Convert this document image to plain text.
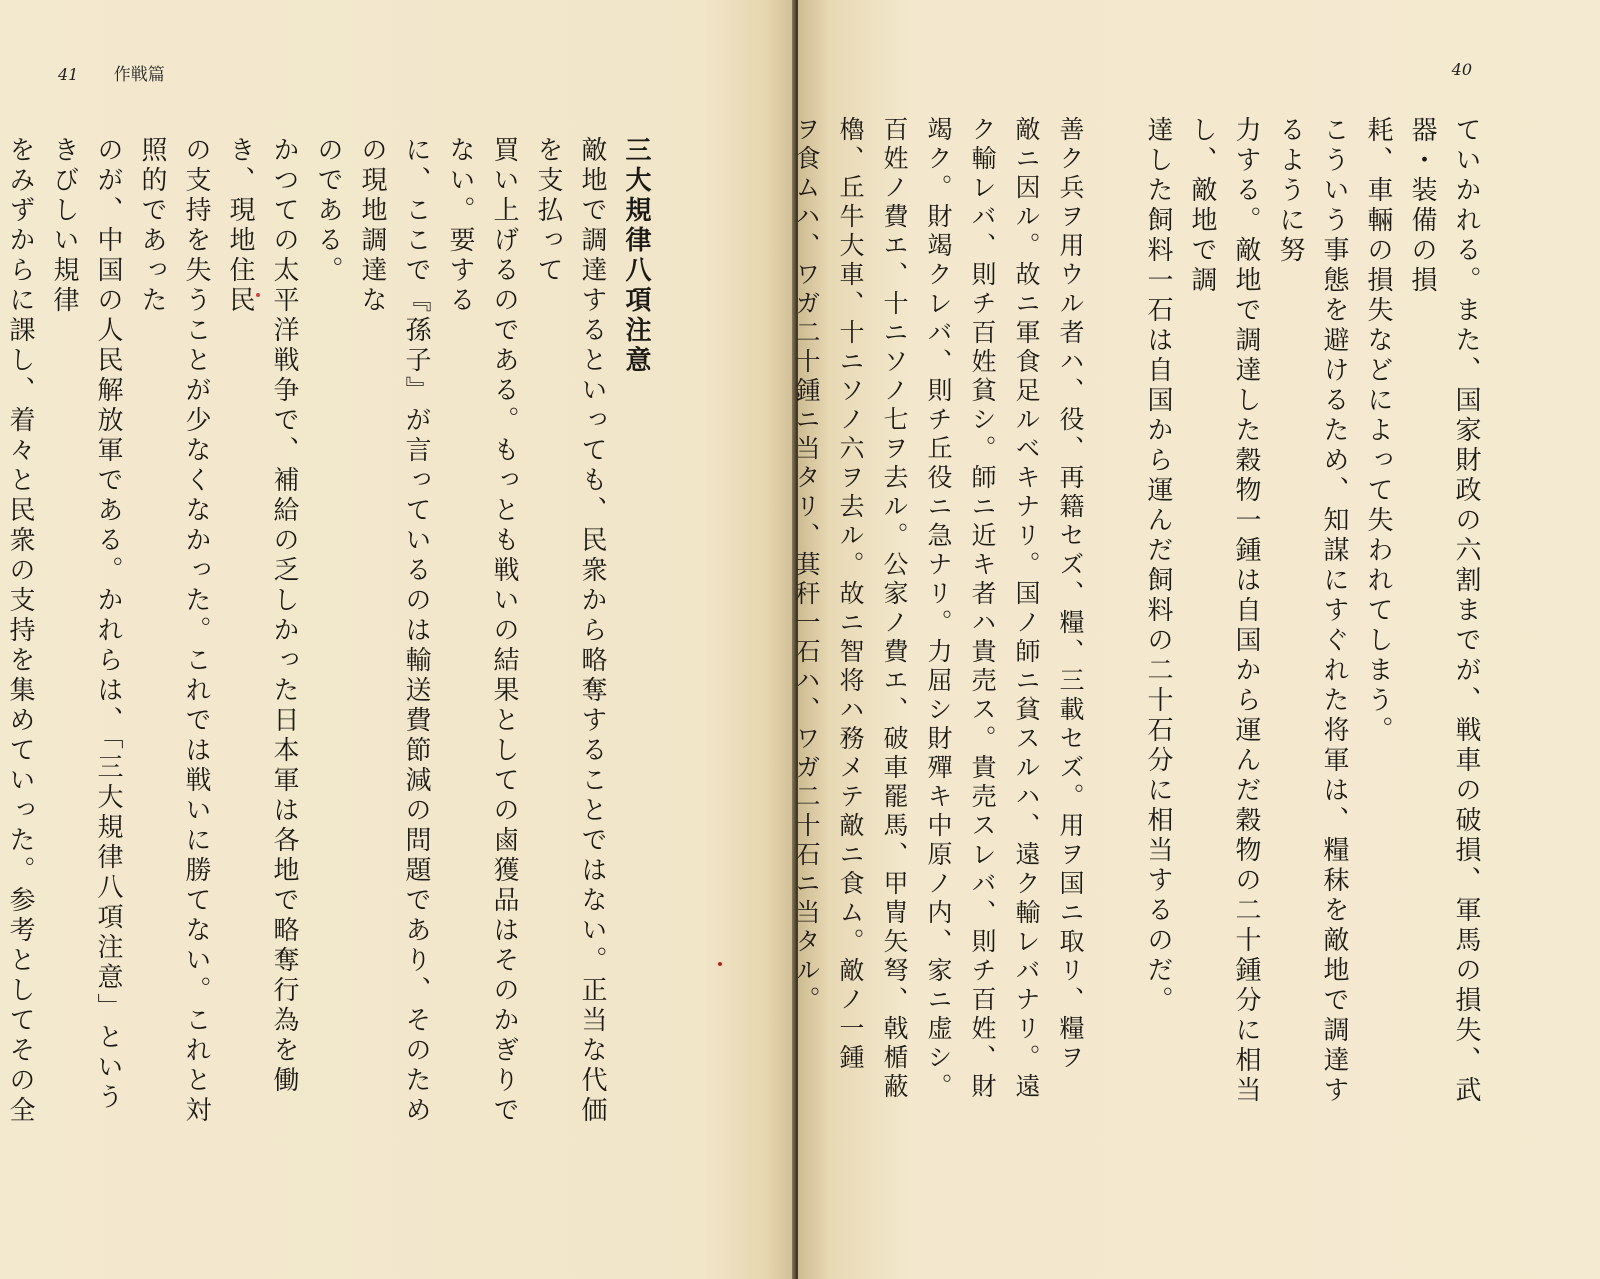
41 作戦篇

三大規律八項注意

敵地で調達するといっても、民衆から略奪することではない。正当な代価を支払って

買い上げるのである。もっとも戦いの結果としての鹵獲品はそのかぎりでない。要する

に、ここで『孫子』が言っているのは輸送費節減の問題であり、そのための現地調達な

のである。

かつての太平洋戦争で、補給の乏しかった日本軍は各地で略奪行為を働き、現地住民

の支持を失うことが少なくなかった。これでは戦いに勝てない。これと対照的であった

のが、中国の人民解放軍である。かれらは、「三大規律八項注意」というきびしい規律

をみずからに課し、着々と民衆の支持を集めていった。参考としてその全

40

ていかれる。また、国家財政の六割までが、戦車の破損、軍馬の損失、武器・装備の損

耗、車輛の損失などによって失われてしまう。

こういう事態を避けるため、知謀にすぐれた将軍は、糧秣を敵地で調達するように努

力する。敵地で調達した穀物一鍾は自国から運んだ穀物の二十鍾分に相当し、敵地で調

達した飼料一石は自国から運んだ飼料の二十石分に相当するのだ。

善ク兵ヲ用ウル者ハ、役、再籍セズ、糧、三載セズ。用ヲ国ニ取リ、糧ヲ

敵ニ因ル。故ニ軍食足ルベキナリ。国ノ師ニ貧スルハ、遠ク輸レバナリ。遠

ク輸レバ、則チ百姓貧シ。師ニ近キ者ハ貴売ス。貴売スレバ、則チ百姓、財

竭ク。財竭クレバ、則チ丘役ニ急ナリ。力屈シ財殫キ中原ノ内、家ニ虚シ。

百姓ノ費エ、十ニソノ七ヲ去ル。公家ノ費エ、破車罷馬、甲冑矢弩、戟楯蔽

櫓、丘牛大車、十ニソノ六ヲ去ル。故ニ智将ハ務メテ敵ニ食ム。敵ノ一鍾

ヲ食ムハ、ワガ二十鍾ニ当タリ、萁秆一石ハ、ワガ二十石ニ当タル。
